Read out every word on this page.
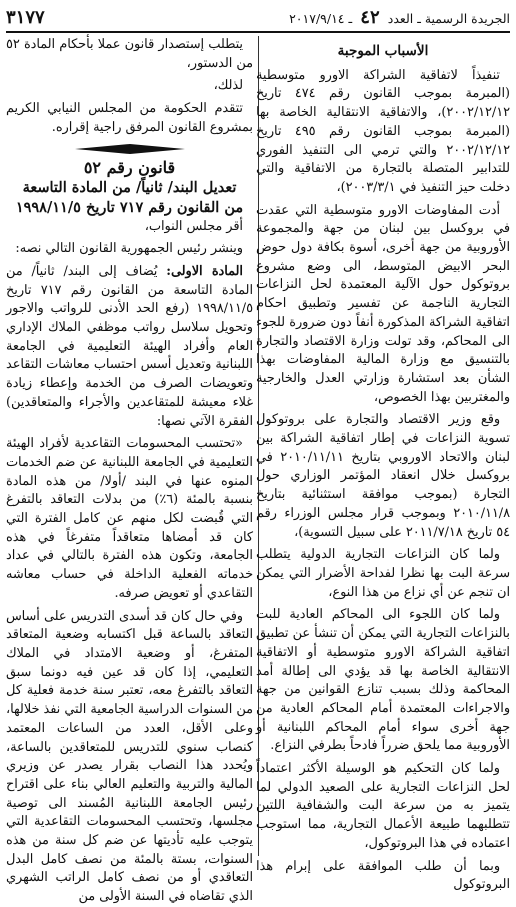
الجريدة الرسمية ـ العدد ٤٢ ـ ٢٠١٧/٩/١٤
٣١٧٧
الأسباب الموجبة

تنفيذاً لاتفاقية الشراكة الاورو متوسطية (المبرمة بموجب القانون رقم ٤٧٤ تاريخ ٢٠٠٢/١٢/١٢)، والاتفاقية الانتقالية الخاصة بها (المبرمة بموجب القانون رقم ٤٩٥ تاريخ ٢٠٠٢/١٢/١٢ والتي ترمي الى التنفيذ الفوري للتدابير المتصلة بالتجارة من الاتفاقية والتي دخلت حيز التنفيذ في ٢٠٠٣/٣/١)،

أدت المفاوضات الاورو متوسطية التي عقدت في بروكسل بين لبنان من جهة والمجموعة الأوروبية من جهة أخرى، أسوة بكافة دول حوض البحر الابيض المتوسط، الى وضع مشروع بروتوكول حول الآلية المعتمدة لحل النزاعات التجارية الناجمة عن تفسير وتطبيق احكام اتفاقية الشراكة المذكورة أنفاً دون ضرورة للجوء الى المحاكم، وقد تولت وزارة الاقتصاد والتجارة بالتنسيق مع وزارة المالية المفاوضات بهذا الشأن بعد استشارة وزارتي العدل والخارجية والمغتربين بهذا الخصوص،

وقع وزير الاقتصاد والتجارة على بروتوكول تسوية النزاعات في إطار اتفاقية الشراكة بين لبنان والاتحاد الاوروبي بتاريخ ٢٠١٠/١١/١١ في بروكسل خلال انعقاد المؤتمر الوزاري حول التجارة (بموجب موافقة استثنائية بتاريخ ٢٠١٠/١١/٨ وبموجب قرار مجلس الوزراء رقم ٥٤ تاريخ ٢٠١١/٧/١٨ على سبيل التسوية)،

ولما كان النزاعات التجارية الدولية يتطلب سرعة البت بها نظرا لفداحة الأضرار التي يمكن ان تنجم عن أي نزاع من هذا النوع،

ولما كان اللجوء الى المحاكم العادية للبت بالنزاعات التجارية التي يمكن أن تنشأ عن تطبيق اتفاقية الشراكة الاورو متوسطية أو الاتفاقية الانتقالية الخاصة بها قد يؤدي الى إطالة أمد المحاكمة وذلك بسبب تنازع القوانين من جهة والاجراءات المعتمدة أمام المحاكم العادية من جهة أخرى سواء أمام المحاكم اللبنانية أو الأوروبية مما يلحق ضرراً فادحاً بطرفي النزاع.

ولما كان التحكيم هو الوسيلة الأكثر اعتماداً لحل النزاعات التجارية على الصعيد الدولي لما يتميز به من سرعة البت والشفافية اللتين تتطلبهما طبيعة الأعمال التجارية، مما استوجب اعتماده في هذا البروتوكول،

وبما أن طلب الموافقة على إبرام هذا البروتوكول

يتطلب إستصدار قانون عملا بأحكام المادة ٥٢ من الدستور،

لذلك،

تتقدم الحكومة من المجلس النيابي الكريم بمشروع القانون المرفق راجية إقراره.

قانون رقم ٥٢
تعديل البند/ ثانياً/ من المادة التاسعة
من القانون رقم ٧١٧ تاريخ ١٩٩٨/١١/٥

أقر مجلس النواب،

وينشر رئيس الجمهورية القانون التالي نصه:

المادة الاولى: يُضاف إلى البند/ ثانياً/ من المادة التاسعة من القانون رقم ٧١٧ تاريخ ١٩٩٨/١١/٥ (رفع الحد الأدنى للرواتب والاجور وتحويل سلاسل رواتب موظفي الملاك الإداري العام وأفراد الهيئة التعليمية في الجامعة اللبنانية وتعديل أسس احتساب معاشات التقاعد وتعويضات الصرف من الخدمة وإعطاء زيادة غلاء معيشة للمتقاعدين والأجراء والمتعاقدين) الفقرة الآتي نصها:

«تحتسب المحسومات التقاعدية لأفراد الهيئة التعليمية في الجامعة اللبنانية عن ضم الخدمات المنوه عنها في البند /أولا/ من هذه المادة بنسبة بالمئة (٦٪) من بدلات التعاقد بالتفرغ التي قُبضت لكل منهم عن كامل الفترة التي كان قد أمضاها متعاقداً متفرغاً في هذه الجامعة، وتكون هذه الفترة بالتالي في عداد خدماته الفعلية الداخلة في حساب معاشه التقاعدي أو تعويض صرفه.

وفي حال كان قد أسدى التدريس على أساس التعاقد بالساعة قبل اكتسابه وضعية المتعاقد المتفرغ، أو وضعية الامتداد في الملاك التعليمي، إذا كان قد عين فيه دونما سبق التعاقد بالتفرغ معه، تعتبر سنة خدمة فعلية كل من السنوات الدراسية الجامعية التي نفذ خلالها، وعلى الأقل، العدد من الساعات المعتمد كنصاب سنوي للتدريس للمتعاقدين بالساعة، ويُحدد هذا النصاب بقرار يصدر عن وزيري المالية والتربية والتعليم العالي بناء على اقتراح رئيس الجامعة اللبنانية المُسند الى توصية مجلسها، وتحتسب المحسومات التقاعدية التي يتوجب عليه تأديتها عن ضم كل سنة من هذه السنوات، بستة بالمئة من نصف كامل البدل التعاقدي أو من نصف كامل الراتب الشهري الذي تقاضاه في السنة الأولى من
